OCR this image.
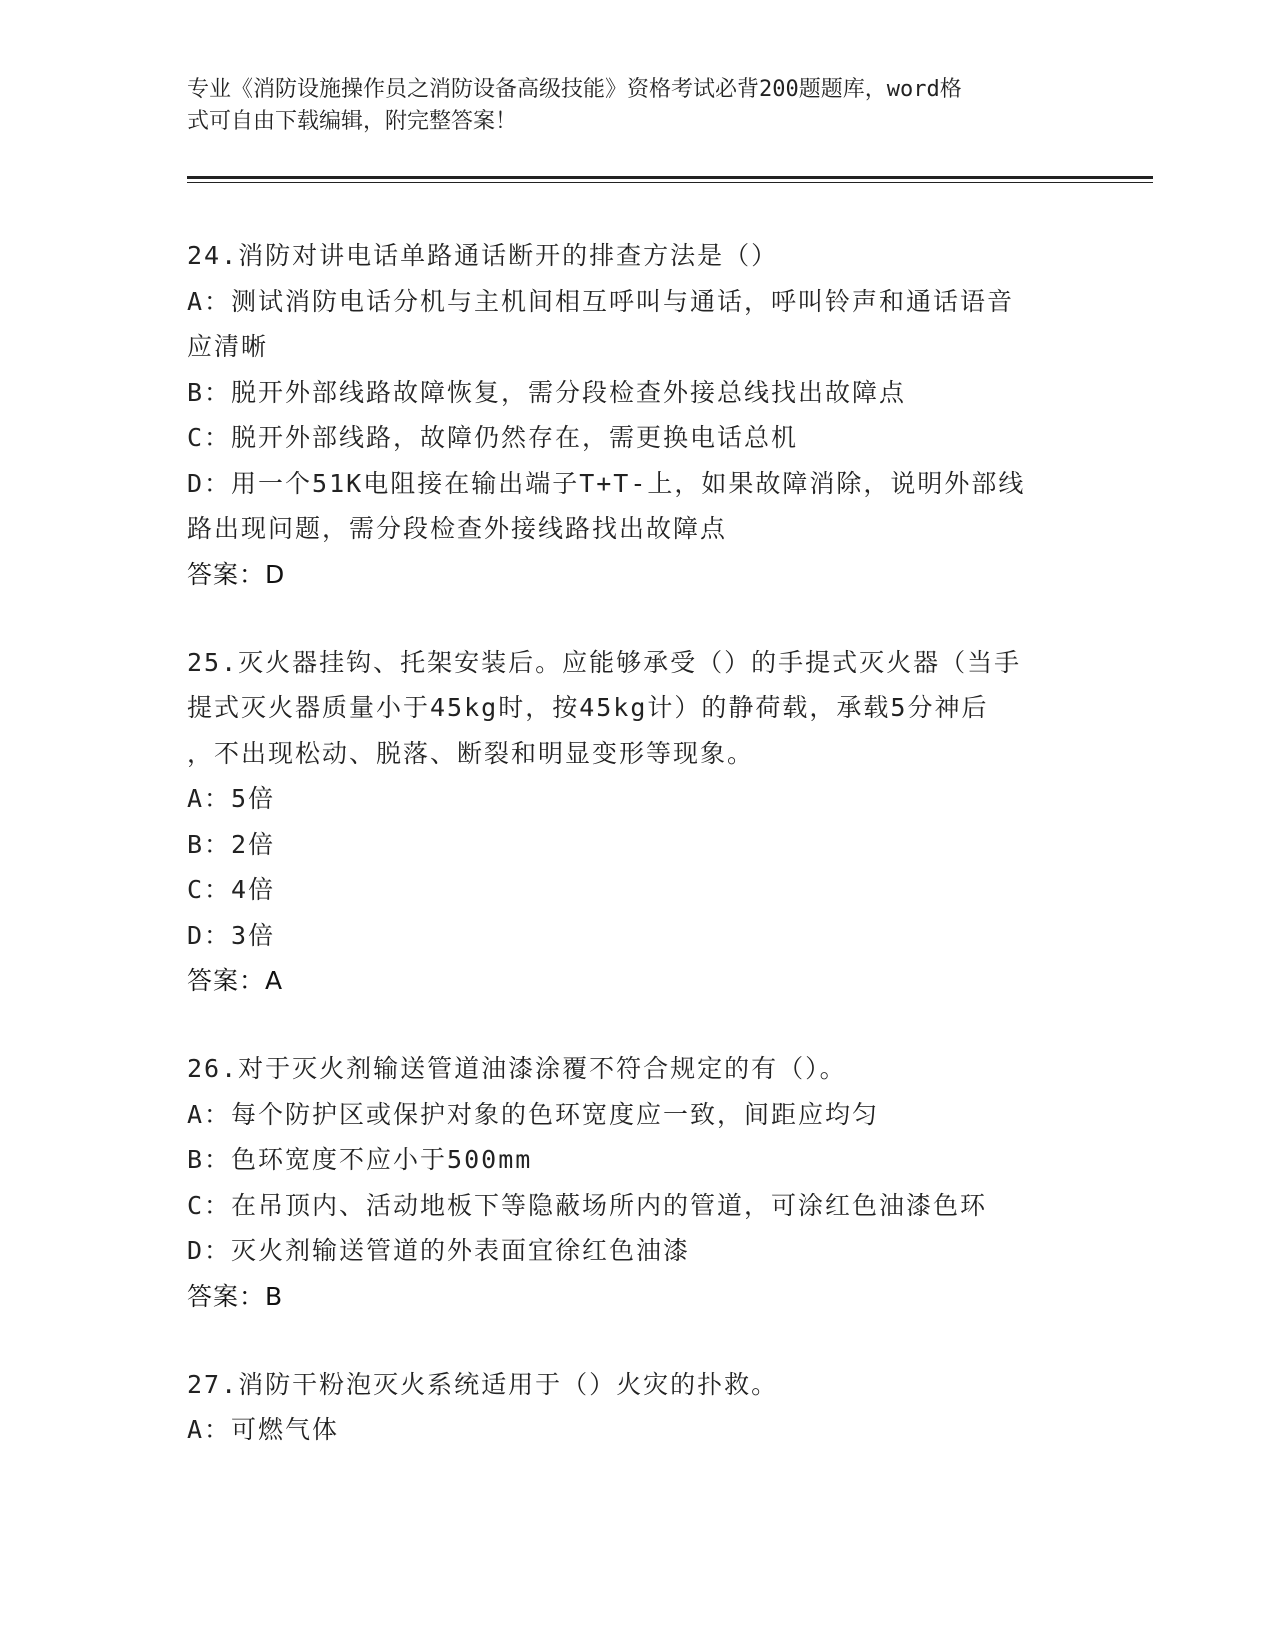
专业《消防设施操作员之消防设备高级技能》资格考试必背200题题库，word格
式可自由下载编辑，附完整答案！
24.消防对讲电话单路通话断开的排查方法是（）
A：测试消防电话分机与主机间相互呼叫与通话，呼叫铃声和通话语音
应清晰
B：脱开外部线路故障恢复，需分段检查外接总线找出故障点
C：脱开外部线路，故障仍然存在，需更换电话总机
D：用一个51K电阻接在输出端子T+T-上，如果故障消除，说明外部线
路出现问题，需分段检查外接线路找出故障点
答案：D
25.灭火器挂钩、托架安装后。应能够承受（）的手提式灭火器（当手
提式灭火器质量小于45kg时，按45kg计）的静荷载，承载5分神后
，不出现松动、脱落、断裂和明显变形等现象。
A：5倍
B：2倍
C：4倍
D：3倍
答案：A
26.对于灭火剂输送管道油漆涂覆不符合规定的有（）。
A：每个防护区或保护对象的色环宽度应一致，间距应均匀
B：色环宽度不应小于500mm
C：在吊顶内、活动地板下等隐蔽场所内的管道，可涂红色油漆色环
D：灭火剂输送管道的外表面宜徐红色油漆
答案：B
27.消防干粉泡灭火系统适用于（）火灾的扑救。
A：可燃气体
